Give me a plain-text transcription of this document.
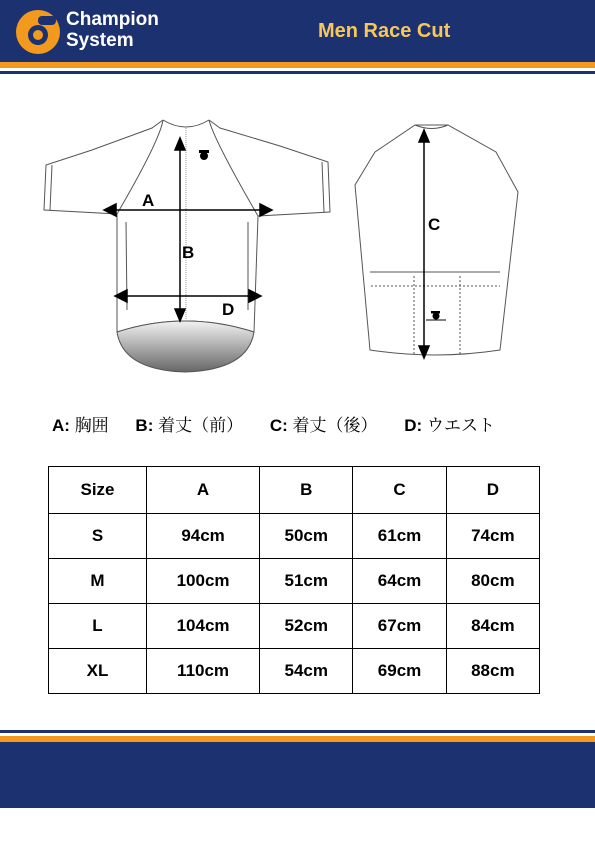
Champion
System	Men Race Cut
A
B
D
C
A: 胸囲 B: 着丈（前） C: 着丈（後） D: ウエスト
Size	A	B	C	D
S	94cm	50cm	61cm	74cm
M	100cm	51cm	64cm	80cm
L	104cm	52cm	67cm	84cm
XL	110cm	54cm	69cm	88cm
